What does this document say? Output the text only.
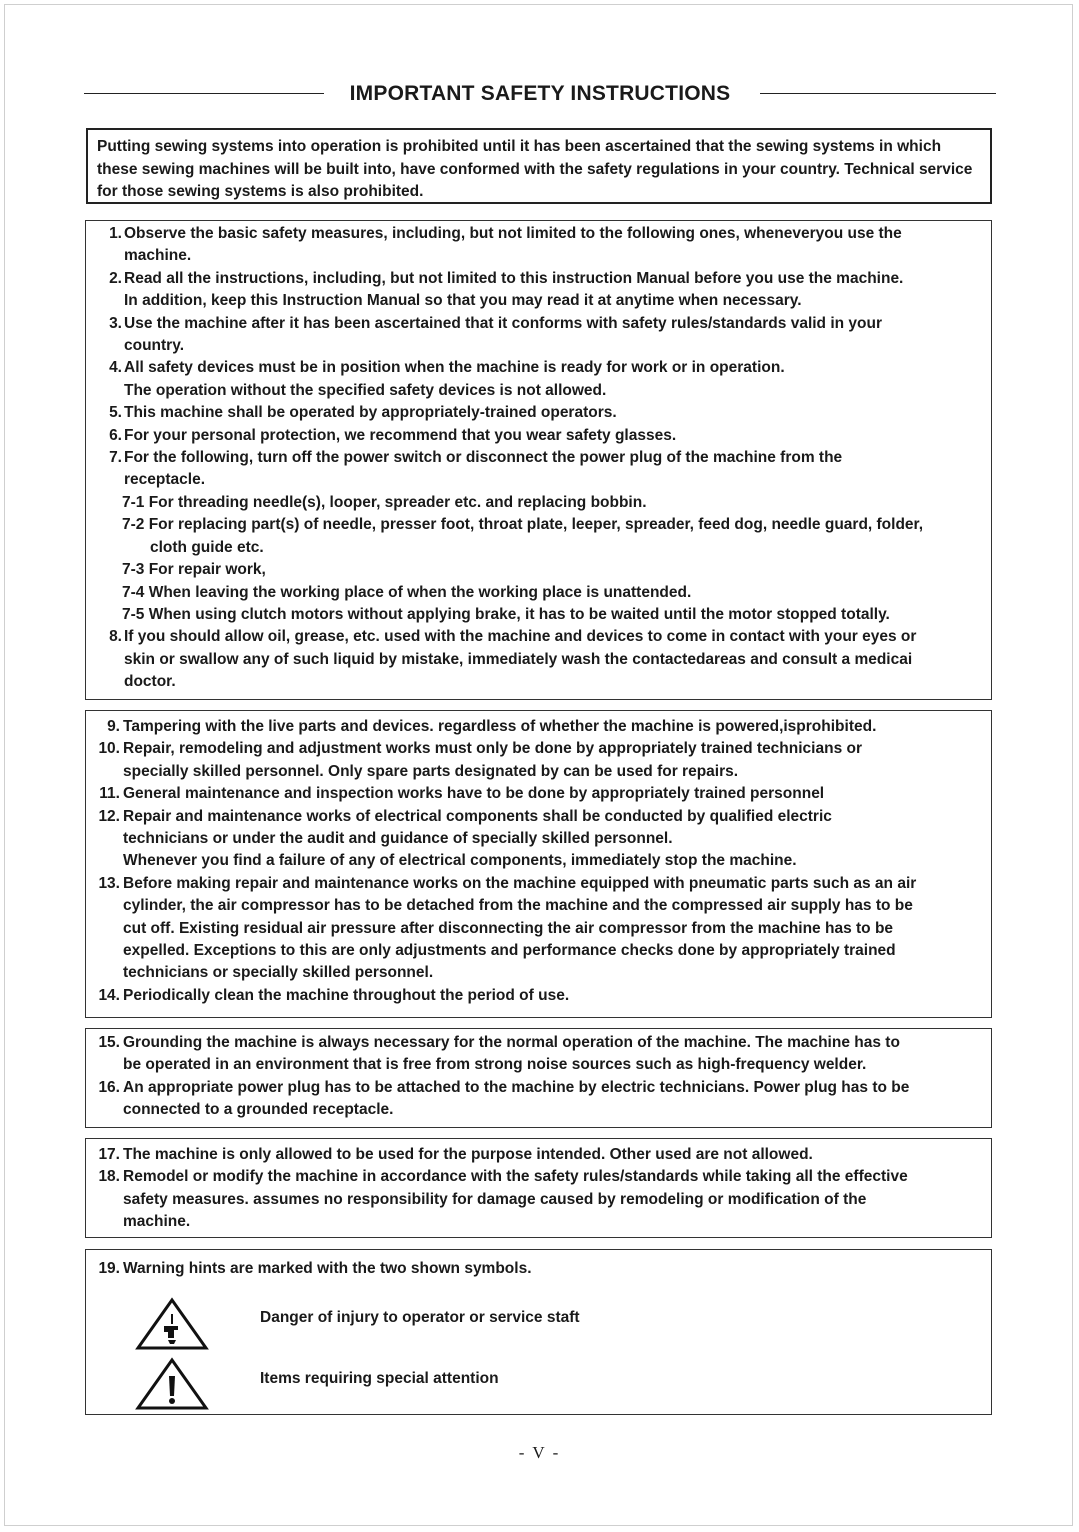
IMPORTANT SAFETY INSTRUCTIONS

Putting sewing systems into operation is prohibited until it has been ascertained that the sewing systems in which these sewing machines will be built into, have conformed with the safety regulations in your country. Technical service for those sewing systems is also prohibited.

1. Observe the basic safety measures, including, but not limited to the following ones, wheneveryou use the
machine.
2. Read all the instructions, including, but not limited to this instruction Manual before you use the machine.
In addition, keep this Instruction Manual so that you may read it at anytime when necessary.
3. Use the machine after it has been ascertained that it conforms with safety rules/standards valid in your
country.
4. All safety devices must be in position when the machine is ready for work or in operation.
The operation without the specified safety devices is not allowed.
5. This machine shall be operated by appropriately-trained operators.
6. For your personal protection, we recommend that you wear safety glasses.
7. For the following, turn off the power switch or disconnect the power plug of the machine from the
receptacle.
7-1 For threading needle(s), looper, spreader etc. and replacing bobbin.
7-2 For replacing part(s) of needle, presser foot, throat plate, leeper, spreader, feed dog, needle guard, folder,
cloth guide etc.
7-3 For repair work,
7-4 When leaving the working place of when the working place is unattended.
7-5 When using clutch motors without applying brake, it has to be waited until the motor stopped totally.
8. If you should allow oil, grease, etc. used with the machine and devices to come in contact with your eyes or
skin or swallow any of such liquid by mistake, immediately wash the contactedareas and consult a medicai
doctor.
9. Tampering with the live parts and devices. regardless of whether the machine is powered,isprohibited.
10. Repair, remodeling and adjustment works must only be done by appropriately trained technicians or
specially skilled personnel. Only spare parts designated by can be used for repairs.
11. General maintenance and inspection works have to be done by appropriately trained personnel
12. Repair and maintenance works of electrical components shall be conducted by qualified electric
technicians or under the audit and guidance of specially skilled personnel.
Whenever you find a failure of any of electrical components, immediately stop the machine.
13. Before making repair and maintenance works on the machine equipped with pneumatic parts such as an air
cylinder, the air compressor has to be detached from the machine and the compressed air supply has to be
cut off. Existing residual air pressure after disconnecting the air compressor from the machine has to be
expelled. Exceptions to this are only adjustments and performance checks done by appropriately trained
technicians or specially skilled personnel.
14. Periodically clean the machine throughout the period of use.
15. Grounding the machine is always necessary for the normal operation of the machine. The machine has to
be operated in an environment that is free from strong noise sources such as high-frequency welder.
16. An appropriate power plug has to be attached to the machine by electric technicians. Power plug has to be
connected to a grounded receptacle.
17. The machine is only allowed to be used for the purpose intended. Other used are not allowed.
18. Remodel or modify the machine in accordance with the safety rules/standards while taking all the effective
safety measures. assumes no responsibility for damage caused by remodeling or modification of the
machine.
19. Warning hints are marked with the two shown symbols.
Danger of injury to operator or service staft
Items requiring special attention
- V -
